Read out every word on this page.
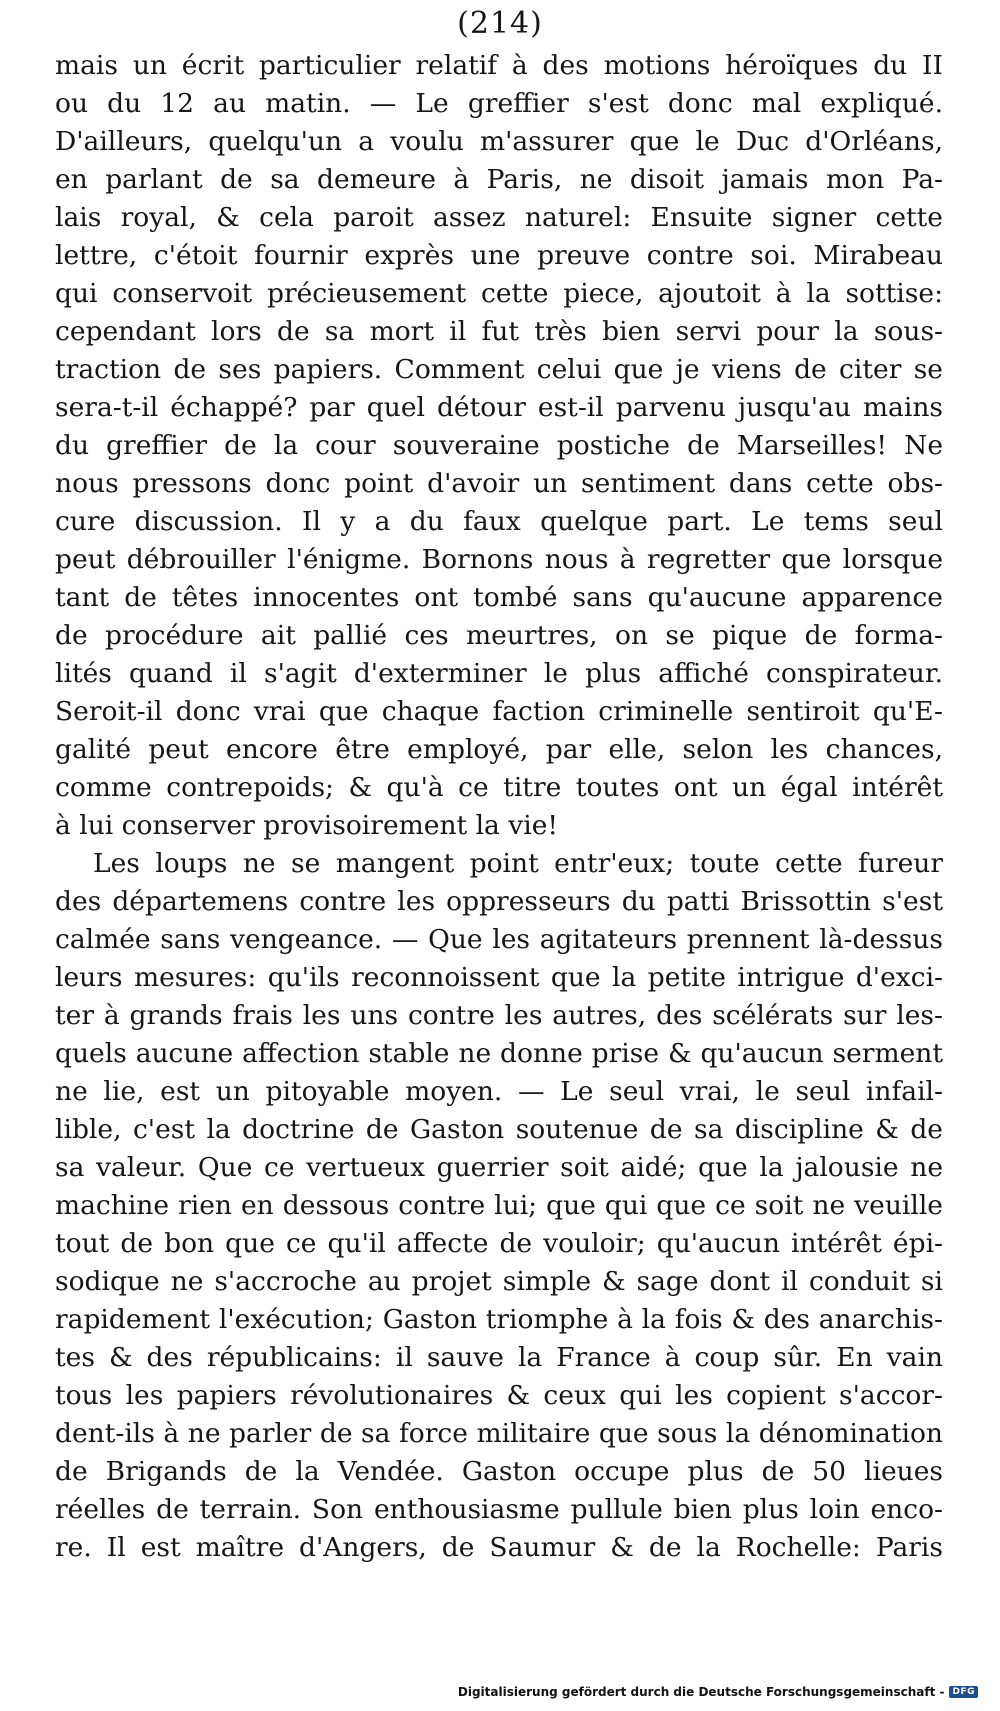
(214)
mais un écrit particulier relatif à des motions héroïques du II
ou du 12 au matin. — Le greffier s'est donc mal expliqué.
D'ailleurs, quelqu'un a voulu m'assurer que le Duc d'Orléans,
en parlant de sa demeure à Paris, ne disoit jamais mon Pa-
lais royal, & cela paroit assez naturel: Ensuite signer cette
lettre, c'étoit fournir exprès une preuve contre soi. Mirabeau
qui conservoit précieusement cette piece, ajoutoit à la sottise:
cependant lors de sa mort il fut très bien servi pour la sous-
traction de ses papiers. Comment celui que je viens de citer se
sera-t-il échappé? par quel détour est-il parvenu jusqu'au mains
du greffier de la cour souveraine postiche de Marseilles! Ne
nous pressons donc point d'avoir un sentiment dans cette obs-
cure discussion. Il y a du faux quelque part. Le tems seul
peut débrouiller l'énigme. Bornons nous à regretter que lorsque
tant de têtes innocentes ont tombé sans qu'aucune apparence
de procédure ait pallié ces meurtres, on se pique de forma-
lités quand il s'agit d'exterminer le plus affiché conspirateur.
Seroit-il donc vrai que chaque faction criminelle sentiroit qu'E-
galité peut encore être employé, par elle, selon les chances,
comme contrepoids; & qu'à ce titre toutes ont un égal intérêt
à lui conserver provisoirement la vie!
Les loups ne se mangent point entr'eux; toute cette fureur
des départemens contre les oppresseurs du patti Brissottin s'est
calmée sans vengeance. — Que les agitateurs prennent là-dessus
leurs mesures: qu'ils reconnoissent que la petite intrigue d'exci-
ter à grands frais les uns contre les autres, des scélérats sur les-
quels aucune affection stable ne donne prise & qu'aucun serment
ne lie, est un pitoyable moyen. — Le seul vrai, le seul infail-
lible, c'est la doctrine de Gaston soutenue de sa discipline & de
sa valeur. Que ce vertueux guerrier soit aidé; que la jalousie ne
machine rien en dessous contre lui; que qui que ce soit ne veuille
tout de bon que ce qu'il affecte de vouloir; qu'aucun intérêt épi-
sodique ne s'accroche au projet simple & sage dont il conduit si
rapidement l'exécution; Gaston triomphe à la fois & des anarchis-
tes & des républicains: il sauve la France à coup sûr. En vain
tous les papiers révolutionaires & ceux qui les copient s'accor-
dent-ils à ne parler de sa force militaire que sous la dénomination
de Brigands de la Vendée. Gaston occupe plus de 50 lieues
réelles de terrain. Son enthousiasme pullule bien plus loin enco-
re. Il est maître d'Angers, de Saumur & de la Rochelle: Paris
Digitalisierung gefördert durch die Deutsche Forschungsgemeinschaft - DFG
